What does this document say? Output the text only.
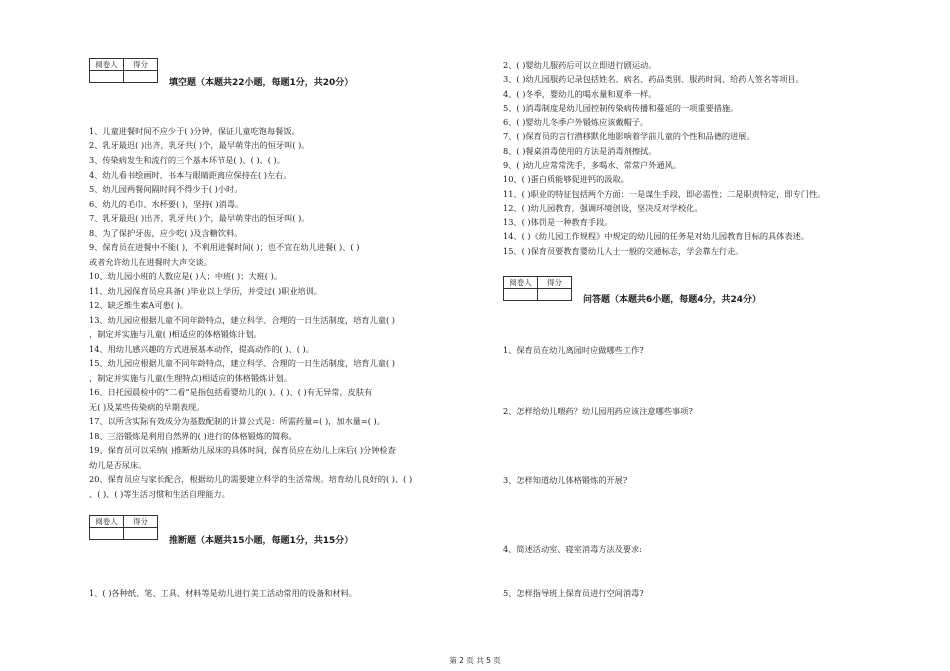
阅卷人	得分

填空题（本题共22小题，每题1分，共20分）
1、儿童进餐时间不应少于( )分钟，保证儿童吃饱每餐饭。
2、乳牙最迟( )出齐，乳牙共( )个，最早萌芽出的恒牙叫( )。
3、传染病发生和流行的三个基本环节是( )、( )、( )。
4、幼儿看书绘画时，书本与眼睛距离应保持在( )左右。
5、幼儿园两餐间隔时间不得少于( )小时。
6、幼儿的毛巾、水杯要( )，坚持( )消毒。
7、乳牙最迟( )出齐，乳牙共( )个，最早萌芽出的恒牙叫( )。
8、为了保护牙齿，应少吃( )及含糖饮料。
9、保育员在进餐中不能( )，不利用进餐时间( )；也不宜在幼儿进餐( )、( )
或者允许幼儿在进餐时大声交谈。
10、幼儿园小班的人数应是( )人；中班( )；大班( )。
11、幼儿园保育员应具备( )毕业以上学历，并受过( )职业培训。
12、缺乏维生素A可患( )。
13、幼儿园应根据儿童不同年龄特点，建立科学、合理的一日生活制度，培育儿童( )
，制定并实施与儿童( )相适应的体格锻炼计划。
14、用幼儿感兴趣的方式进展基本动作，提高动作的( )、( )。
15、幼儿园应根据儿童不同年龄特点，建立科学、合理的一日生活制度，培育儿童( )
，制定并实施与儿童(生理特点)相适应的体格锻炼计划。
16、日托园晨检中的“二看”是指包括看婴幼儿的( )、( )、( )有无异常，皮肤有
无( )及某些传染病的早期表现。
17、以所含实际有效成分为基数配制的计算公式是：所需药量=( )，加水量=( )。
18、三浴锻炼是利用自然界的( )进行的体格锻炼的简称。
19、保育员可以采纳( )推断幼儿尿床的具体时间，保育员应在幼儿上床后( )分钟检查
幼儿是否尿床。
20、保育员应与家长配合，根据幼儿的需要建立科学的生活常规。培育幼儿良好的( )、( )
、( )、( )等生活习惯和生活自理能力。
阅卷人	得分

推断题（本题共15小题，每题1分，共15分）
1、( )各种纸、笔、工具、材料等是幼儿进行美工活动常用的设备和材料。
2、( )婴幼儿服药后可以立即进行剧运动。
3、( )幼儿园服药记录包括姓名、病名、药品类别、服药时间、给药人签名等项目。
4、( )冬季，婴幼儿的喝水量和夏季一样。
5、( )消毒制度是幼儿园控制传染病传播和蔓延的一项重要措施。
6、( )婴幼儿冬季户外锻炼应该戴帽子。
7、( )保育员的言行潜移默化地影响着学前儿童的个性和品德的进展。
8、( )餐桌消毒使用的方法是消毒剂擦拭。
9、( )幼儿应常常洗手，多喝水、常常户外通风。
10、( )蛋白质能够促进钙的汲取。
11、( )职业的特征包括两个方面：一是谋生手段，即必需性；二是职责特定，即专门性。
12、( )幼儿园教育，强调环境创设，坚决反对学校化。
13、( )体罚是一种教育手段。
14、( )《幼儿园工作规程》中规定的幼儿园的任务是对幼儿园教育目标的具体表述。
15、( )保育员要教育婴幼儿人士一般的交通标志，学会靠左行走。
阅卷人	得分

问答题（本题共6小题，每题4分，共24分）
1、保育员在幼儿离园时应做哪些工作?
2、怎样给幼儿喂药？幼儿园用药应该注意哪些事项?
3、怎样知道幼儿体格锻炼的开展?
4、简述活动室、寝室消毒方法及要求:
5、怎样指导班上保育员进行空间消毒?
第 2 页 共 5 页
